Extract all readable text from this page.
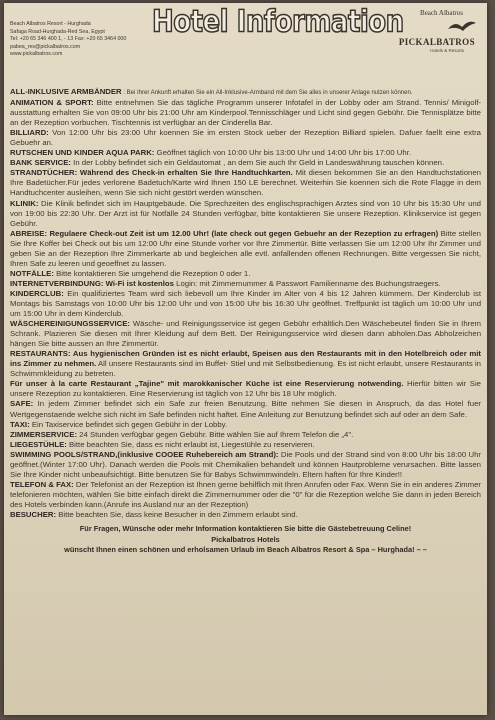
Beach Albatros Resort - Hurghada
Safaga Road-Hurghada-Red Sea, Egypt
Tel: +20 65 346 400 1, - 13 Fax: +20 65 3464 000
pabea_res@pickalbatros.com
www.pickalbatros.com
Hotel Information Beach Albatros
PICKALBATROS
Hotels & Resorts

ALL-INKLUSIVE ARMBÄNDER : Bei Ihrer Ankunft erhalten Sie ein All-Inklusive-Armband mit dem Sie alles in unserer Anlage nutzen können.

ANIMATION & SPORT: Bitte entnehmen Sie das tägliche Programm unserer Infotafel in der Lobby oder am Strand. Tennis/ Minigolf-ausstattung erhalten Sie von 09:00 Uhr bis 21:00 Uhr am Kinderpool.Tennisschläger und Licht sind gegen Gebühr. Die Tennisplätze bitte an der Rezeption vorbuchen. Tischtennis ist verfügbar an der Cinderella Bar.

BILLIARD: Von 12:00 Uhr bis 23:00 Uhr koennen Sie im ersten Stock ueber der Rezeption Billiard spielen. Dafuer faellt eine extra Gebuehr an.

RUTSCHEN UND KINDER AQUA PARK: Geöffnet täglich von 10:00 Uhr bis 13:00 Uhr und 14:00 Uhr bis 17:00 Uhr.

BANK SERVICE: In der Lobby befindet sich ein Geldautomat , an dem Sie auch Ihr Geld in Landeswährung tauschen können.

STRANDTÜCHER: Während des Check-in erhalten Sie Ihre Handtuchkarten. Mit diesen bekommen Sie an den Handtuchstationen Ihre Badetücher.Für jedes verlorene Badetuch/Karte wird Ihnen 150 LE berechnet. Weiterhin Sie koennen sich die Rote Flagge in dem Handtuchcenter ausleihen, wenn Sie sich nicht gestört werden wünschen.

KLINIK: Die Klinik befindet sich im Hauptgebäude. Die Sprechzeiten des englischsprachigen Arztes sind von 10 Uhr bis 15:30 Uhr und von 19:00 bis 22:30 Uhr. Der Arzt ist für Notfälle 24 Stunden verfügbar, bitte kontaktieren Sie unsere Rezeption. Klinikservice ist gegen Gebühr.

ABREISE: Regulaere Check-out Zeit ist um 12.00 Uhr! (late check out gegen Gebuehr an der Rezeption zu erfragen) Bitte stellen Sie Ihre Koffer bei Check out bis um 12:00 Uhr eine Stunde vorher vor Ihre Zimmertür. Bitte verlassen Sie um 12:00 Uhr Ihr Zimmer und geben Sie an der Rezeption Ihre Zimmerkarte ab und begleichen alle evtl. anfallenden offenen Rechnungen. Bitte vergessen Sie nicht, Ihren Safe zu leeren und geoeffnet zu lassen.

NOTFÄLLE: Bitte kontaktieren Sie umgehend die Rezeption 0 oder 1.

INTERNETVERBINDUNG: Wi-Fi ist kostenlos Login: mit Zimmernummer & Passwort Familienname des Buchungstraegers.

KINDERCLUB: Ein qualifiziertes Team wird sich liebevoll um Ihre Kinder im Alter von 4 bis 12 Jahren kümmern. Der Kinderclub ist Montags bis Samstags von 10:00 Uhr bis 12:00 Uhr und von 15:00 Uhr bis 16:30 Uhr geöffnet. Treffpunkt ist täglich um 10:00 Uhr und um 15:00 Uhr in dem Kinderclub.

WÄSCHEREINIGUNGSSERVICE: Wäsche- und Reinigungsservice ist gegen Gebühr erhältlich.Den Wäschebeutel finden Sie in Ihrem Schrank. Plazieren Sie diesen mit Ihrer Kleidung auf dem Bett. Der Reinigungsservice wird diesen dann abholen.Das Abholzeichen hängen Sie bitte aussen an Ihre Zimmertür.

RESTAURANTS: Aus hygienischen Gründen ist es nicht erlaubt, Speisen aus den Restaurants mit in den Hotelbreich oder mit ins Zimmer zu nehmen. All unsere Restaurants sind im Buffet- Stiel und mit Selbstbedienung. Es ist nicht erlaubt, unsere Restaurants in Schwimmkleidung zu betreten.

Für unser à la carte Restaurant „Tajine" mit marokkanischer Küche ist eine Reservierung notwending. Hierfür bitten wir Sie unsere Rezeption zu kontaktieren. Eine Reservierung ist täglich von 12 Uhr bis 18 Uhr möglich.

SAFE: In jedem Zimmer befindet sich ein Safe zur freien Benutzung. Bitte nehmen Sie diesen in Anspruch, da das Hotel fuer Wertgegenstaende welche sich nicht im Safe befinden nicht haftet. Eine Anleitung zur Benutzung befindet sich auf oder an dem Safe.

TAXI: Ein Taxiservice befindet sich gegen Gebühr in der Lobby.

ZIMMERSERVICE: 24 Stunden verfügbar gegen Gebühr. Bitte wählen Sie auf Ihrem Telefon die „4".

LIEGESTÜHLE: Bitte beachten Sie, dass es nicht erlaubt ist, Liegestühle zu reservieren.

SWIMMING POOLS/STRAND,(inklusive COOEE Ruhebereich am Strand): Die Pools und der Strand sind von 8:00 Uhr bis 18:00 Uhr geöffnet.(Winter 17:00 Uhr). Danach werden die Pools mit Chemikalien behandelt und können Hautprobleme verursachen. Bitte lassen Sie Ihre Kinder nicht unbeaufsichtigt. Bitte benutzen Sie für Babys Schwimmwindeln. Eltern haften für Ihre Kinder!!

TELEFON & FAX: Der Telefonist an der Rezeption ist Ihnen gerne behilflich mit Ihren Anrufen oder Fax. Wenn Sie in ein anderes Zimmer telefonieren möchten, wählen Sie bitte einfach direkt die Zimmernummer oder die "0" für die Rezeption welche Sie dann in jeden Bereich des Hotels verbinden kann.(Anrufe ins Ausland nur an der Rezeption)

BESUCHER: Bitte beachten Sie, dass keine Besucher in den Zimmern erlaubt sind.

Für Fragen, Wünsche oder mehr Information kontaktieren Sie bitte die Gästebetreuung Celine!
Pickalbatros Hotels
wünscht Ihnen einen schönen und erholsamen Urlaub im Beach Albatros Resort & Spa – Hurghada! – –
